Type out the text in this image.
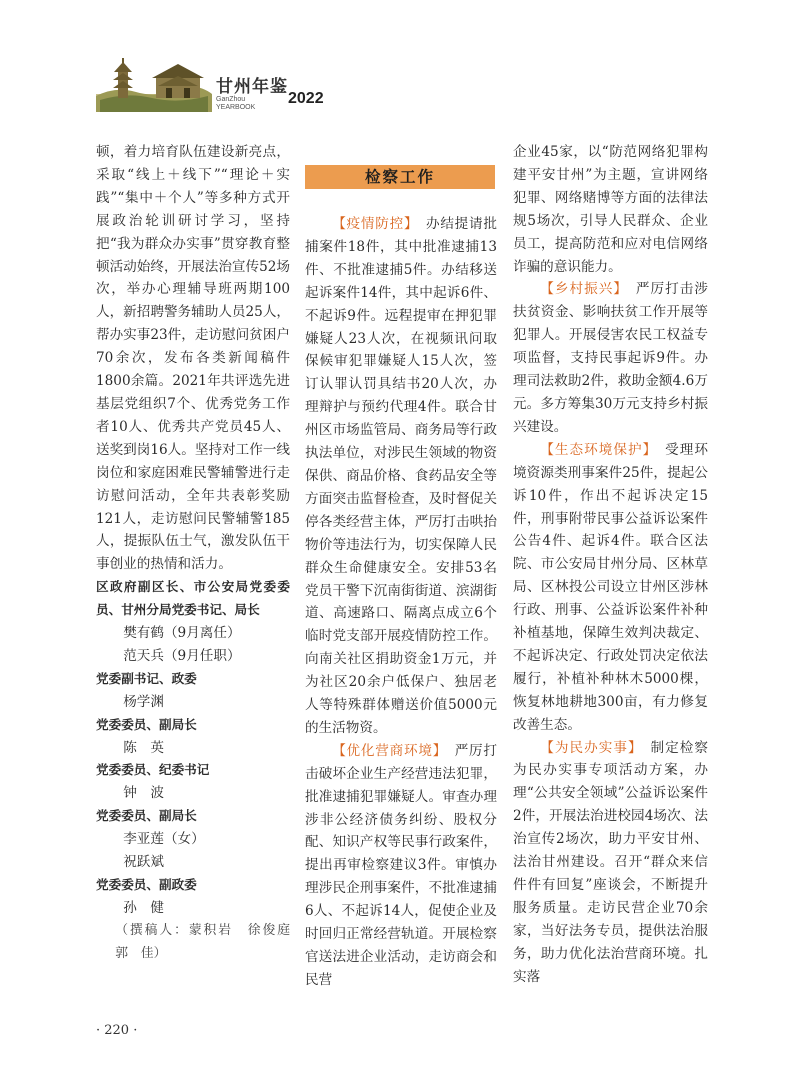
甘州年鉴
GanZhou
YEARBOOK
2022

顿，着力培育队伍建设新亮点，采取“线上＋线下”“理论＋实践”“集中＋个人”等多种方式开展政治轮训研讨学习，坚持把“我为群众办实事”贯穿教育整顿活动始终，开展法治宣传52场次，举办心理辅导班两期100人，新招聘警务辅助人员25人，帮办实事23件，走访慰问贫困户70余次，发布各类新闻稿件1800余篇。2021年共评选先进基层党组织7个、优秀党务工作者10人、优秀共产党员45人、送奖到岗16人。坚持对工作一线岗位和家庭困难民警辅警进行走访慰问活动，全年共表彰奖励121人，走访慰问民警辅警185人，提振队伍士气，激发队伍干事创业的热情和活力。

区政府副区长、市公安局党委委员、甘州分局党委书记、局长

樊有鹤（9月离任）

范天兵（9月任职）

党委副书记、政委

杨学渊

党委委员、副局长

陈　英

党委委员、纪委书记

钟　波

党委委员、副局长

李亚莲（女）

祝跃斌

党委委员、副政委

孙　健

（撰稿人：蒙积岩　徐俊庭　郭　佳）

检察工作

【疫情防控】　 办结提请批捕案件18件，其中批准逮捕13件、不批准逮捕5件。办结移送起诉案件14件，其中起诉6件、不起诉9件。远程提审在押犯罪嫌疑人23人次，在视频讯问取保候审犯罪嫌疑人15人次，签订认罪认罚具结书20人次，办理辩护与预约代理4件。联合甘州区市场监管局、商务局等行政执法单位，对涉民生领域的物资保供、商品价格、食药品安全等方面突击监督检查，及时督促关停各类经营主体，严厉打击哄抬物价等违法行为，切实保障人民群众生命健康安全。安排53名党员干警下沉南街街道、滨湖街道、高速路口、隔离点成立6个临时党支部开展疫情防控工作。向南关社区捐助资金1万元，并为社区20余户低保户、独居老人等特殊群体赠送价值5000元的生活物资。

【优化营商环境】　 严厉打击破坏企业生产经营违法犯罪，批准逮捕犯罪嫌疑人。审查办理涉非公经济债务纠纷、股权分配、知识产权等民事行政案件，提出再审检察建议3件。审慎办理涉民企刑事案件，不批准逮捕6人、不起诉14人，促使企业及时回归正常经营轨道。开展检察官送法进企业活动，走访商会和民营

企业45家，以“防范网络犯罪构建平安甘州”为主题，宣讲网络犯罪、网络赌博等方面的法律法规5场次，引导人民群众、企业员工，提高防范和应对电信网络诈骗的意识能力。

【乡村振兴】　 严厉打击涉扶贫资金、影响扶贫工作开展等犯罪人。开展侵害农民工权益专项监督，支持民事起诉9件。办理司法救助2件，救助金额4.6万元。多方筹集30万元支持乡村振兴建设。

【生态环境保护】　 受理环境资源类刑事案件25件，提起公诉10件，作出不起诉决定15件，刑事附带民事公益诉讼案件公告4件、起诉4件。联合区法院、市公安局甘州分局、区林草局、区林投公司设立甘州区涉林行政、刑事、公益诉讼案件补种补植基地，保障生效判决裁定、不起诉决定、行政处罚决定依法履行，补植补种林木5000棵，恢复林地耕地300亩，有力修复改善生态。

【为民办实事】　 制定检察为民办实事专项活动方案，办理“公共安全领域”公益诉讼案件2件，开展法治进校园4场次、法治宣传2场次，助力平安甘州、法治甘州建设。召开“群众来信件件有回复”座谈会，不断提升服务质量。走访民营企业70余家，当好法务专员，提供法治服务，助力优化法治营商环境。扎实落

· 220 ·
